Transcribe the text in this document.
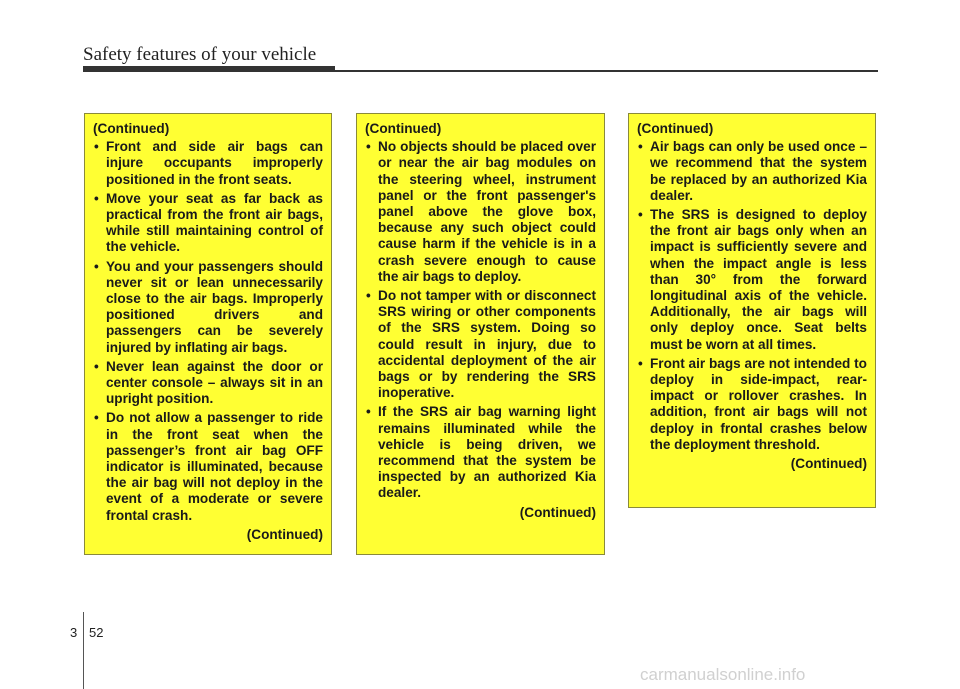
Safety features of your vehicle
(Continued)
• Front and side air bags can injure occupants improperly positioned in the front seats.
• Move your seat as far back as practical from the front air bags, while still maintaining control of the vehicle.
• You and your passengers should never sit or lean unnecessarily close to the air bags. Improperly positioned drivers and passengers can be severely injured by inflating air bags.
• Never lean against the door or center console – always sit in an upright position.
• Do not allow a passenger to ride in the front seat when the passenger’s front air bag OFF indicator is illuminated, because the air bag will not deploy in the event of a moderate or severe frontal crash.
(Continued)
(Continued)
• No objects should be placed over or near the air bag modules on the steering wheel, instrument panel or the front passenger's panel above the glove box, because any such object could cause harm if the vehicle is in a crash severe enough to cause the air bags to deploy.
• Do not tamper with or disconnect SRS wiring or other components of the SRS system. Doing so could result in injury, due to accidental deployment of the air bags or by rendering the SRS inoperative.
• If the SRS air bag warning light remains illuminated while the vehicle is being driven, we recommend that the system be inspected by an authorized Kia dealer.
(Continued)
(Continued)
• Air bags can only be used once – we recommend that the system be replaced by an authorized Kia dealer.
• The SRS is designed to deploy the front air bags only when an impact is sufficiently severe and when the impact angle is less than 30° from the forward longitudinal axis of the vehicle. Additionally, the air bags will only deploy once. Seat belts must be worn at all times.
• Front air bags are not intended to deploy in side-impact, rear-impact or rollover crashes. In addition, front air bags will not deploy in frontal crashes below the deployment threshold.
(Continued)
3 52
carmanualsonline.info
